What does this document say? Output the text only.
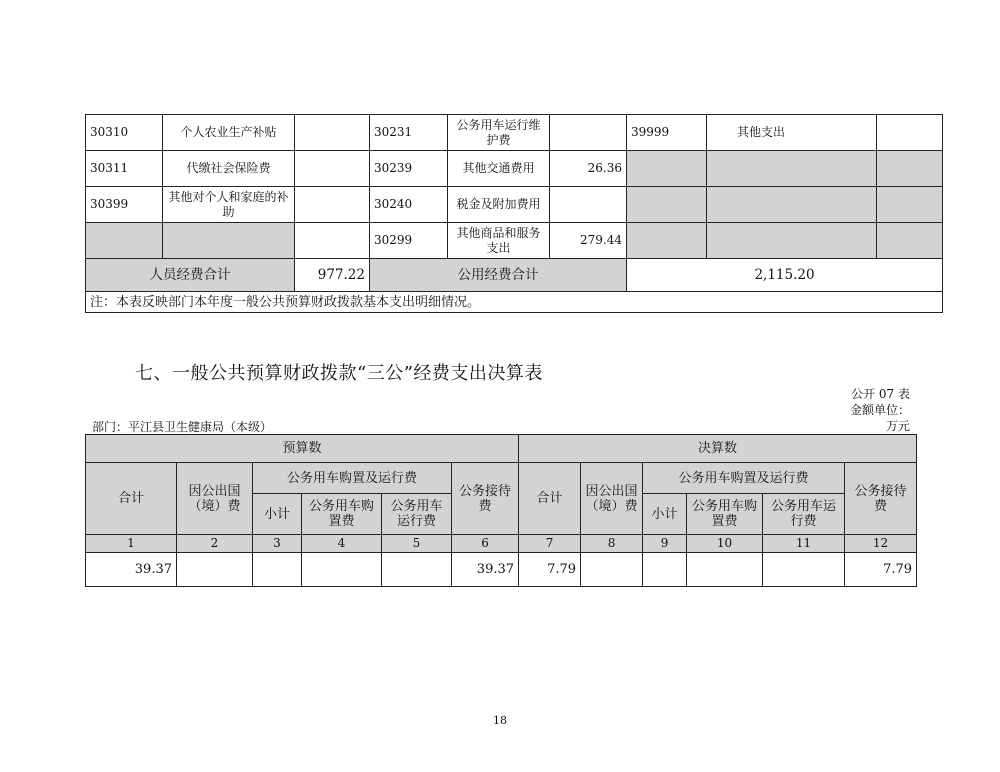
30310	个人农业生产补贴		30231	公务用车运行维护费		39999	其他支出	
30311	代缴社会保险费		30239	其他交通费用	26.36			
30399	其他对个人和家庭的补助		30240	税金及附加费用				
			30299	其他商品和服务支出	279.44			
人员经费合计		977.22	公用经费合计			2,115.20		
注：本表反映部门本年度一般公共预算财政拨款基本支出明细情况。								
七、一般公共预算财政拨款“三公”经费支出决算表
公开 07 表
金额单位：
万元
部门：平江县卫生健康局（本级）
预算数						决算数					
合计	因公出国（境）费	公务用车购置及运行费			公务接待费	合计	因公出国（境）费	公务用车购置及运行费			公务接待费
		小计	公务用车购置费	公务用车运行费				小计	公务用车购置费	公务用车运行费	
1	2	3	4	5	6	7	8	9	10	11	12
39.37					39.37	7.79					7.79
18
